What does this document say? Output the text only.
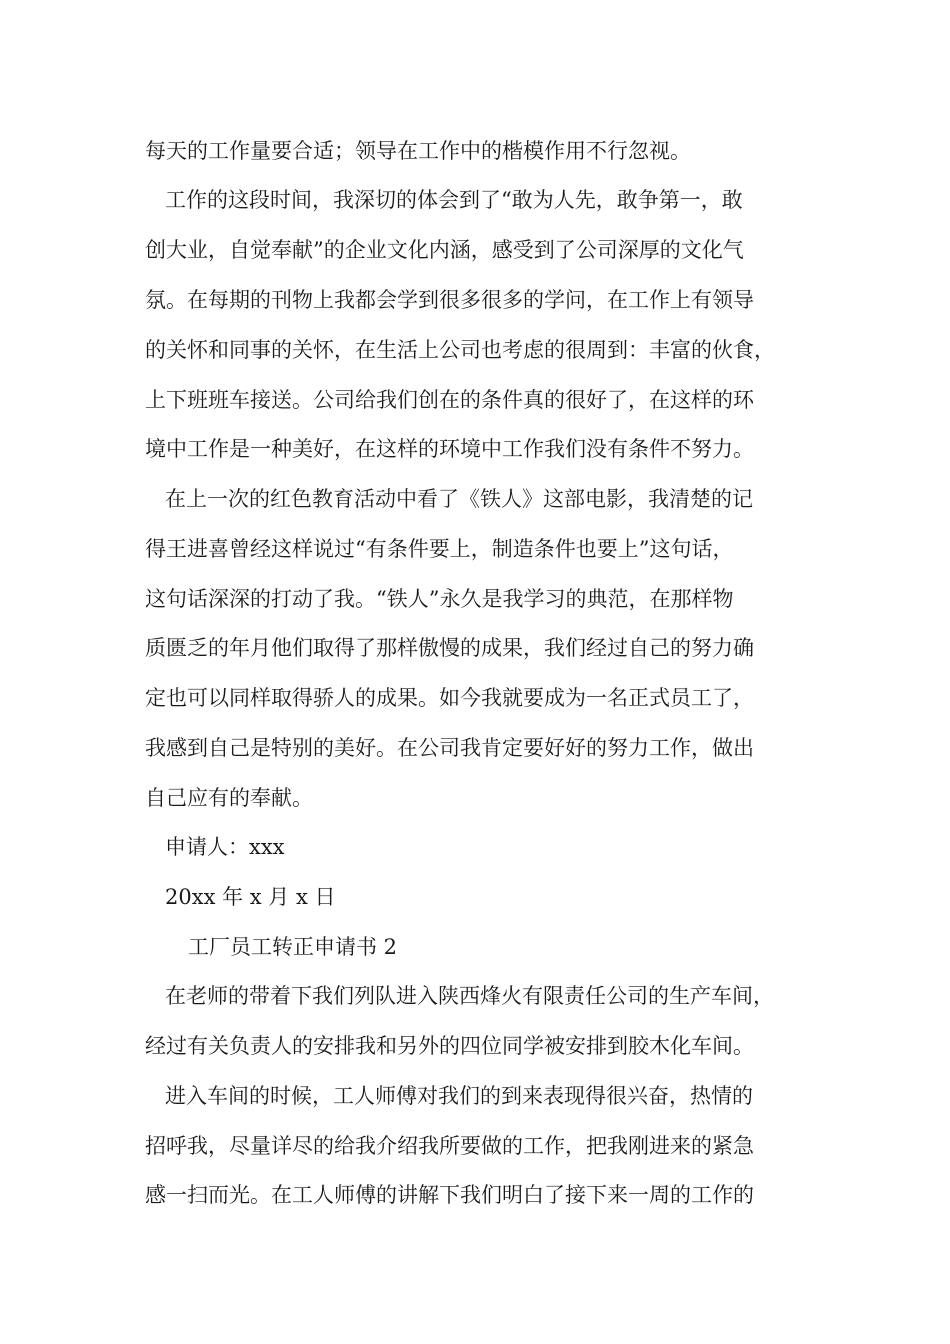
每天的工作量要合适；领导在工作中的楷模作用不行忽视。
工作的这段时间，我深切的体会到了“敢为人先，敢争第一，敢
创大业，自觉奉献”的企业文化内涵，感受到了公司深厚的文化气
氛。在每期的刊物上我都会学到很多很多的学问，在工作上有领导
的关怀和同事的关怀，在生活上公司也考虑的很周到：丰富的伙食，
上下班班车接送。公司给我们创在的条件真的很好了，在这样的环
境中工作是一种美好，在这样的环境中工作我们没有条件不努力。
在上一次的红色教育活动中看了《铁人》这部电影，我清楚的记
得王进喜曾经这样说过“有条件要上，制造条件也要上”这句话，
这句话深深的打动了我。“铁人”永久是我学习的典范，在那样物
质匮乏的年月他们取得了那样傲慢的成果，我们经过自己的努力确
定也可以同样取得骄人的成果。如今我就要成为一名正式员工了，
我感到自己是特别的美好。在公司我肯定要好好的努力工作，做出
自己应有的奉献。
申请人：xxx
20xx 年 x 月 x 日
工厂员工转正申请书 2
在老师的带着下我们列队进入陕西烽火有限责任公司的生产车间，
经过有关负责人的安排我和另外的四位同学被安排到胶木化车间。
进入车间的时候，工人师傅对我们的到来表现得很兴奋，热情的
招呼我，尽量详尽的给我介绍我所要做的工作，把我刚进来的紧急
感一扫而光。在工人师傅的讲解下我们明白了接下来一周的工作的
